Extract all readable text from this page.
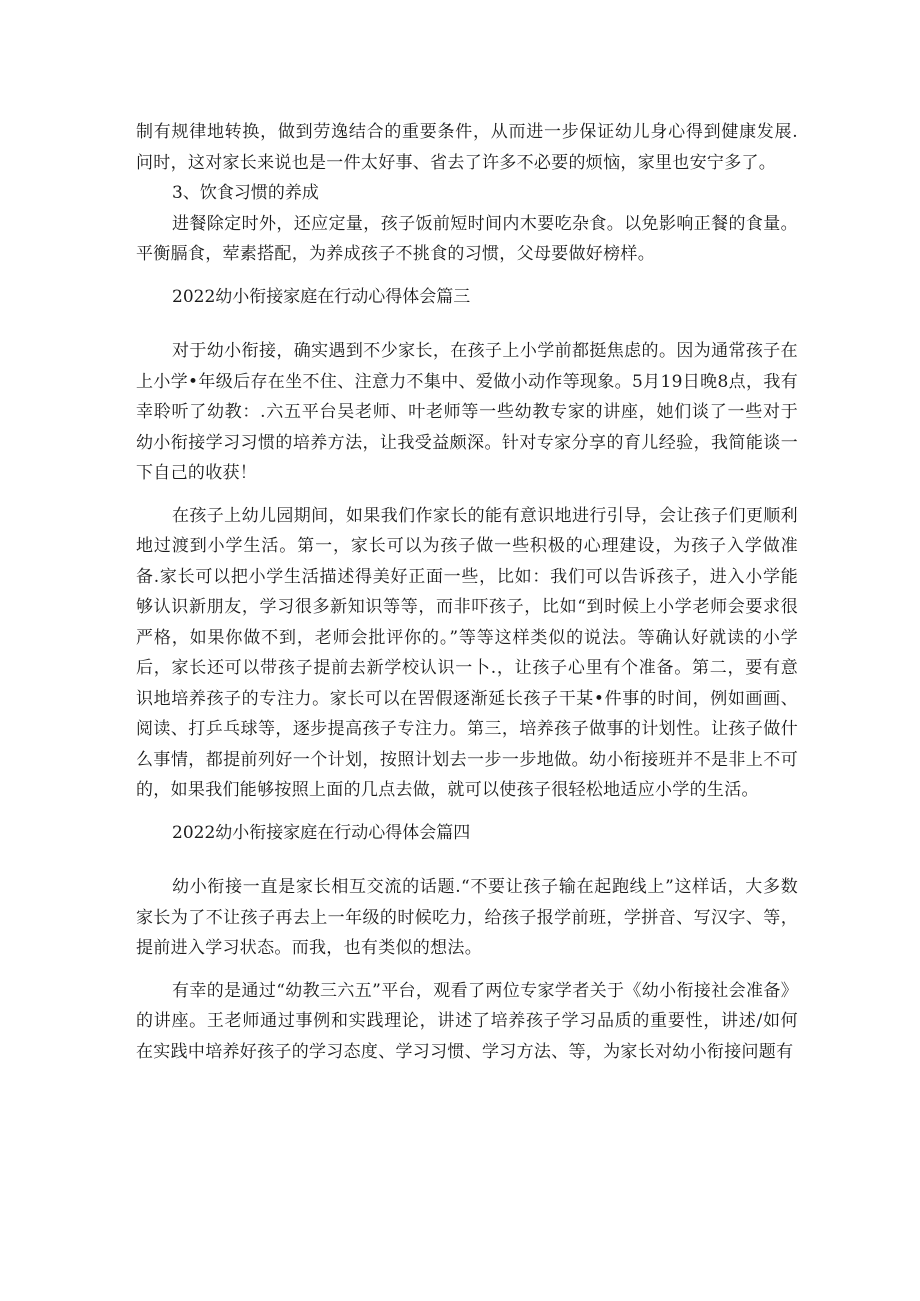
制有规律地转换，做到劳逸结合的重要条件，从而进一步保证幼儿身心得到健康发展.问时，这对家长来说也是一件太好事、省去了许多不必要的烦恼，家里也安宁多了。

3、饮食习惯的养成

进餐除定时外，还应定量，孩子饭前短时间内木要吃杂食。以免影响正餐的食量。平衡膈食，荤素搭配，为养成孩子不挑食的习惯，父母要做好榜样。

2022幼小衔接家庭在行动心得体会篇三

对于幼小衔接，确实遇到不少家长，在孩子上小学前都挺焦虑的。因为通常孩子在上小学•年级后存在坐不住、注意力不集中、爱做小动作等现象。5月19日晚8点，我有幸聆听了幼教：.六五平台吴老师、叶老师等一些幼教专家的讲座，她们谈了一些对于幼小衔接学习习惯的培养方法，让我受益颇深。针对专家分享的育儿经验，我简能谈一下自己的收获！

在孩子上幼儿园期间，如果我们作家长的能有意识地进行引导，会让孩子们更顺利地过渡到小学生活。第一，家长可以为孩子做一些积极的心理建设，为孩子入学做准备.家长可以把小学生活描述得美好正面一些，比如：我们可以告诉孩子，进入小学能够认识新朋友，学习很多新知识等等，而非吓孩子，比如“到时候上小学老师会要求很严格，如果你做不到，老师会批评你的。”等等这样类似的说法。等确认好就读的小学后，家长还可以带孩子提前去新学校认识一卜.，让孩子心里有个准备。第二，要有意识地培养孩子的专注力。家长可以在罟假逐渐延长孩子干某•件事的时间，例如画画、阅读、打乒乓球等，逐步提高孩子专注力。第三，培养孩子做事的计划性。让孩子做什么事情，都提前列好一个计划，按照计划去一步一步地做。幼小衔接班并不是非上不可的，如果我们能够按照上面的几点去做，就可以使孩子很轻松地适应小学的生活。

2022幼小衔接家庭在行动心得体会篇四

幼小衔接一直是家长相互交流的话题.“不要让孩子输在起跑线上”这样话，大多数家长为了不让孩子再去上一年级的时候吃力，给孩子报学前班，学拼音、写汉字、等，提前进入学习状态。而我，也有类似的想法。

有幸的是通过“幼教三六五”平台，观看了两位专家学者关于《幼小衔接社会准备》的讲座。王老师通过事例和实践理论，讲述了培养孩子学习品质的重要性，讲述/如何在实践中培养好孩子的学习态度、学习习惯、学习方法、等，为家长对幼小衔接问题有
